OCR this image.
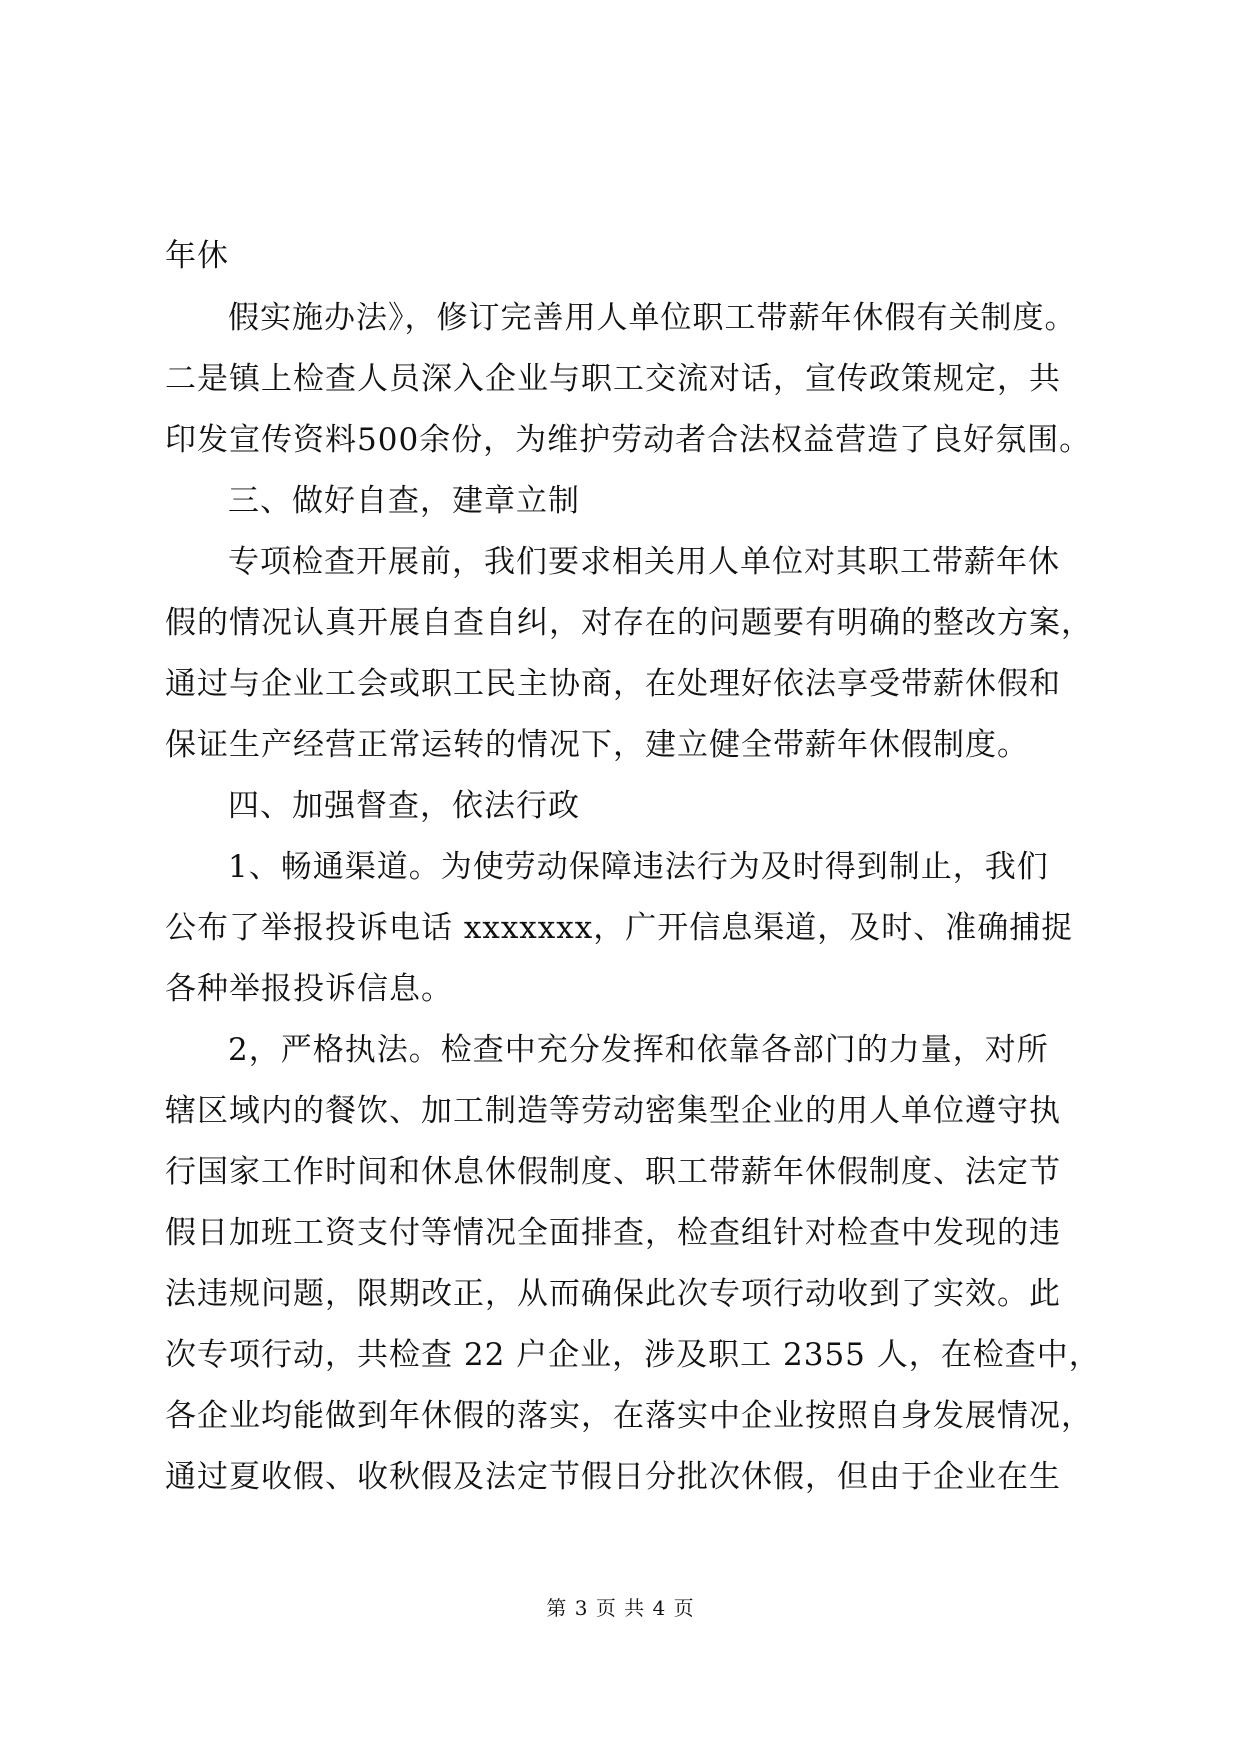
年休
假实施办法》，修订完善用人单位职工带薪年休假有关制度。
二是镇上检查人员深入企业与职工交流对话，宣传政策规定，共
印发宣传资料500余份，为维护劳动者合法权益营造了良好氛围。
三、做好自查，建章立制
专项检查开展前，我们要求相关用人单位对其职工带薪年休
假的情况认真开展自查自纠，对存在的问题要有明确的整改方案，
通过与企业工会或职工民主协商，在处理好依法享受带薪休假和
保证生产经营正常运转的情况下，建立健全带薪年休假制度。
四、加强督查，依法行政
1、畅通渠道。为使劳动保障违法行为及时得到制止，我们
公布了举报投诉电话 xxxxxxx，广开信息渠道，及时、准确捕捉
各种举报投诉信息。
2，严格执法。检查中充分发挥和依靠各部门的力量，对所
辖区域内的餐饮、加工制造等劳动密集型企业的用人单位遵守执
行国家工作时间和休息休假制度、职工带薪年休假制度、法定节
假日加班工资支付等情况全面排查，检查组针对检查中发现的违
法违规问题，限期改正，从而确保此次专项行动收到了实效。此
次专项行动，共检查 22 户企业，涉及职工 2355 人，在检查中，
各企业均能做到年休假的落实，在落实中企业按照自身发展情况，
通过夏收假、收秋假及法定节假日分批次休假，但由于企业在生
第 3 页 共 4 页
